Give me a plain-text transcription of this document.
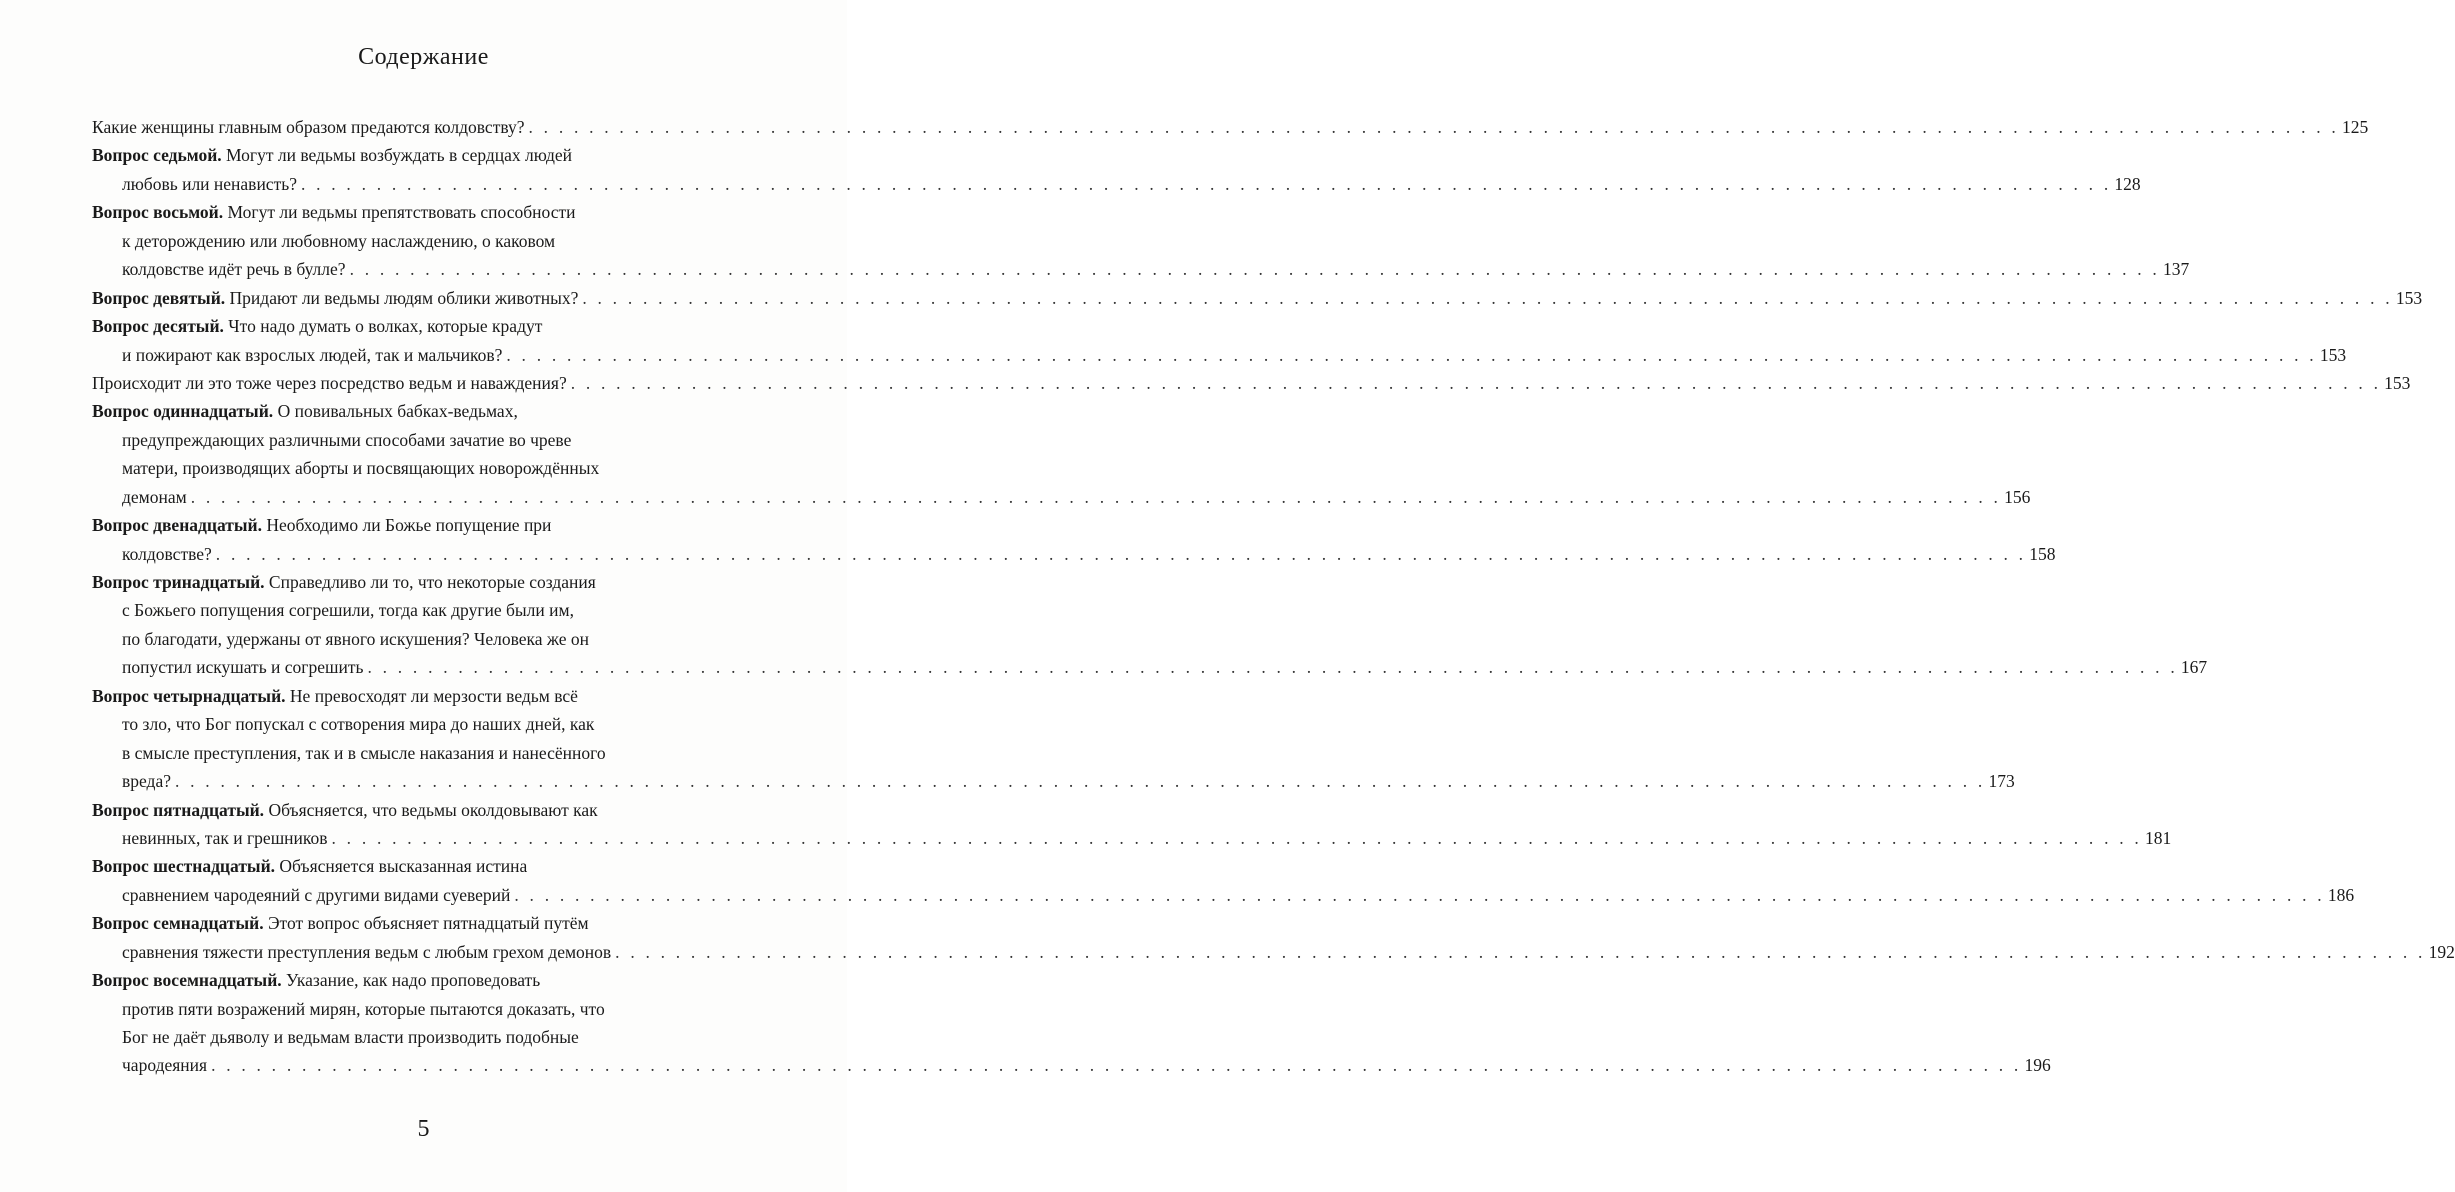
Содержание
Какие женщины главным образом предаются колдовству? . . . . . . . . . . . . . . . . . . . . . . . . . . . . . . . . . . . . . . . . . . . . . . . . . . . . . . . . . . . . . . . . . . . . . . . . . . . . . . . . . . . . . . . . . . . . . . . . . . . . . . . . . . . . . . . . . . . . . . . . 125
Вопрос седьмой. Могут ли ведьмы возбуждать в сердцах людей
любовь или ненависть? . . . . . . . . . . . . . . . . . . . . . . . . . . . . . . . . . . . . . . . . . . . . . . . . . . . . . . . . . . . . . . . . . . . . . . . . . . . . . . . . . . . . . . . . . . . . . . . . . . . . . . . . . . . . . . . . . . . . . . . . 128
Вопрос восьмой. Могут ли ведьмы препятствовать способности
к деторождению или любовному наслаждению, о каковом
колдовстве идёт речь в булле? . . . . . . . . . . . . . . . . . . . . . . . . . . . . . . . . . . . . . . . . . . . . . . . . . . . . . . . . . . . . . . . . . . . . . . . . . . . . . . . . . . . . . . . . . . . . . . . . . . . . . . . . . . . . . . . . . . . . . . . . 137
Вопрос девятый. Придают ли ведьмы людям облики животных? . . . . . . . . . . . . . . . . . . . . . . . . . . . . . . . . . . . . . . . . . . . . . . . . . . . . . . . . . . . . . . . . . . . . . . . . . . . . . . . . . . . . . . . . . . . . . . . . . . . . . . . . . . . . . . . . . . . . . . . . 153
Вопрос десятый. Что надо думать о волках, которые крадут
и пожирают как взрослых людей, так и мальчиков? . . . . . . . . . . . . . . . . . . . . . . . . . . . . . . . . . . . . . . . . . . . . . . . . . . . . . . . . . . . . . . . . . . . . . . . . . . . . . . . . . . . . . . . . . . . . . . . . . . . . . . . . . . . . . . . . . . . . . . . . 153
Происходит ли это тоже через посредство ведьм и наваждения? . . . . . . . . . . . . . . . . . . . . . . . . . . . . . . . . . . . . . . . . . . . . . . . . . . . . . . . . . . . . . . . . . . . . . . . . . . . . . . . . . . . . . . . . . . . . . . . . . . . . . . . . . . . . . . . . . . . . . . . . 153
Вопрос одиннадцатый. О повивальных бабках-ведьмах,
предупреждающих различными способами зачатие во чреве
матери, производящих аборты и посвящающих новорождённых
демонам . . . . . . . . . . . . . . . . . . . . . . . . . . . . . . . . . . . . . . . . . . . . . . . . . . . . . . . . . . . . . . . . . . . . . . . . . . . . . . . . . . . . . . . . . . . . . . . . . . . . . . . . . . . . . . . . . . . . . . . . 156
Вопрос двенадцатый. Необходимо ли Божье попущение при
колдовстве? . . . . . . . . . . . . . . . . . . . . . . . . . . . . . . . . . . . . . . . . . . . . . . . . . . . . . . . . . . . . . . . . . . . . . . . . . . . . . . . . . . . . . . . . . . . . . . . . . . . . . . . . . . . . . . . . . . . . . . . . 158
Вопрос тринадцатый. Справедливо ли то, что некоторые создания
с Божьего попущения согрешили, тогда как другие были им,
по благодати, удержаны от явного искушения? Человека же он
попустил искушать и согрешить . . . . . . . . . . . . . . . . . . . . . . . . . . . . . . . . . . . . . . . . . . . . . . . . . . . . . . . . . . . . . . . . . . . . . . . . . . . . . . . . . . . . . . . . . . . . . . . . . . . . . . . . . . . . . . . . . . . . . . . . 167
Вопрос четырнадцатый. Не превосходят ли мерзости ведьм всё
то зло, что Бог попускал с сотворения мира до наших дней, как
в смысле преступления, так и в смысле наказания и нанесённого
вреда? . . . . . . . . . . . . . . . . . . . . . . . . . . . . . . . . . . . . . . . . . . . . . . . . . . . . . . . . . . . . . . . . . . . . . . . . . . . . . . . . . . . . . . . . . . . . . . . . . . . . . . . . . . . . . . . . . . . . . . . . 173
Вопрос пятнадцатый. Объясняется, что ведьмы околдовывают как
невинных, так и грешников . . . . . . . . . . . . . . . . . . . . . . . . . . . . . . . . . . . . . . . . . . . . . . . . . . . . . . . . . . . . . . . . . . . . . . . . . . . . . . . . . . . . . . . . . . . . . . . . . . . . . . . . . . . . . . . . . . . . . . . . 181
Вопрос шестнадцатый. Объясняется высказанная истина
сравнением чародеяний с другими видами суеверий . . . . . . . . . . . . . . . . . . . . . . . . . . . . . . . . . . . . . . . . . . . . . . . . . . . . . . . . . . . . . . . . . . . . . . . . . . . . . . . . . . . . . . . . . . . . . . . . . . . . . . . . . . . . . . . . . . . . . . . . 186
Вопрос семнадцатый. Этот вопрос объясняет пятнадцатый путём
сравнения тяжести преступления ведьм с любым грехом демонов . . . . . . . . . . . . . . . . . . . . . . . . . . . . . . . . . . . . . . . . . . . . . . . . . . . . . . . . . . . . . . . . . . . . . . . . . . . . . . . . . . . . . . . . . . . . . . . . . . . . . . . . . . . . . . . . . . . . . . . . 192
Вопрос восемнадцатый. Указание, как надо проповедовать
против пяти возражений мирян, которые пытаются доказать, что
Бог не даёт дьяволу и ведьмам власти производить подобные
чародеяния . . . . . . . . . . . . . . . . . . . . . . . . . . . . . . . . . . . . . . . . . . . . . . . . . . . . . . . . . . . . . . . . . . . . . . . . . . . . . . . . . . . . . . . . . . . . . . . . . . . . . . . . . . . . . . . . . . . . . . . . 196
5
